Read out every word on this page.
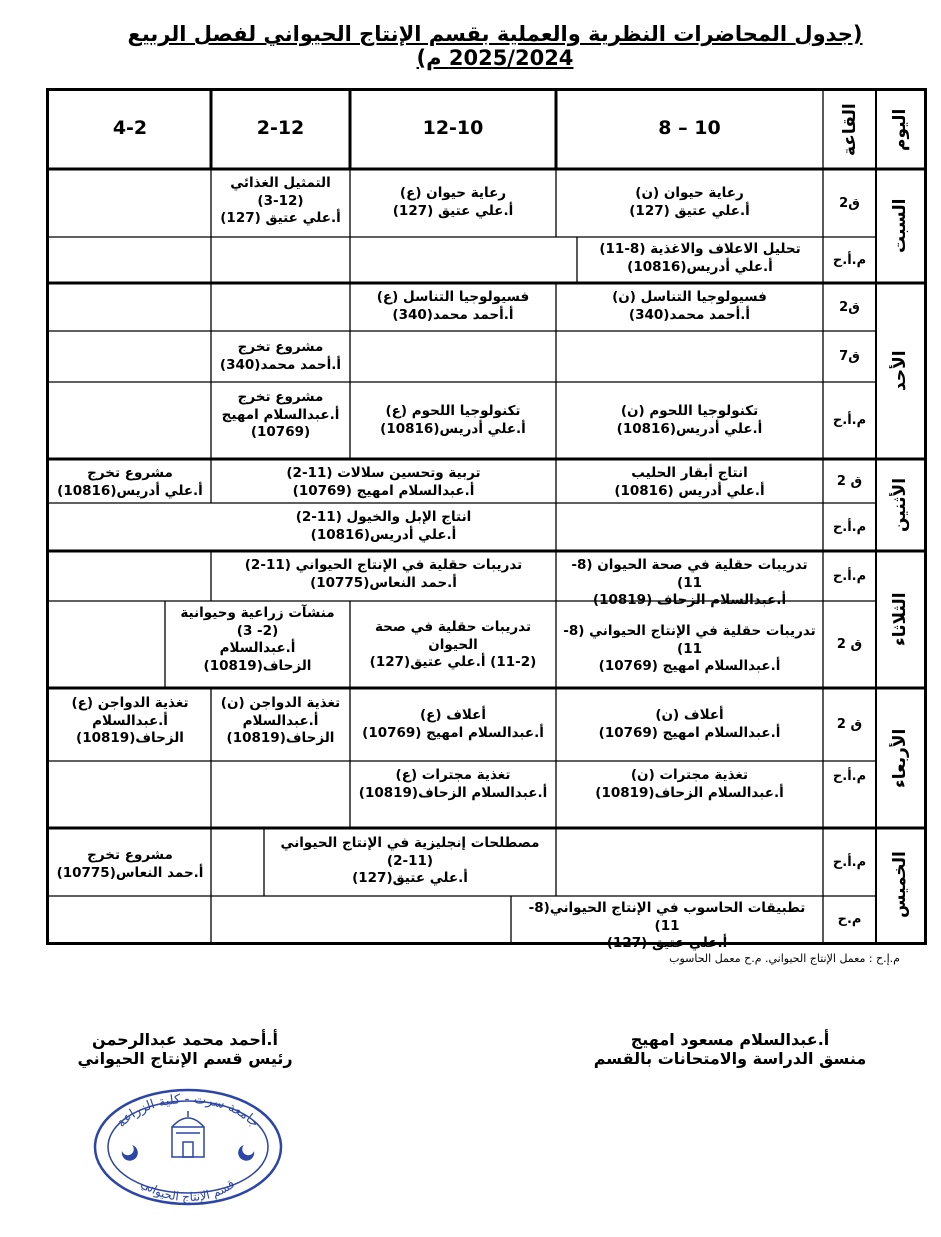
(جدول المحاضرات النظرية والعملية بقسم الإنتاج الحيواني لفصل الربيع 2025/2024 م)
اليوم
القاعة
10 – 8
12-10
2-12
4-2
السبت
الأحد
الأثنين
الثلاثاء
الأربعاء
الخميس
ق2
م.أ.ح
ق2
ق7
م.أ.ح
ق 2
م.أ.ح
م.أ.ح
ق 2
ق 2
م.أ.ح
م.أ.ح
م.ح
رعاية حيوان (ن)
أ.علي عتيق (127)
رعاية حيوان (ع)
أ.علي عتيق (127)
التمثيل الغذائي
(3-12)
أ.علي عتيق (127)
تحليل الاعلاف والاغذية (8-11)
أ.علي أدريس(10816)
فسيولوجيا التناسل (ن)
أ.أحمد محمد(340)
فسيولوجيا التناسل (ع)
أ.أحمد محمد(340)
مشروع تخرج
أ.أحمد محمد(340)
تكنولوجيا اللحوم (ن)
أ.علي أدريس(10816)
تكنولوجيا اللحوم (ع)
أ.علي أدريس(10816)
مشروع تخرج
أ.عبدالسلام امهيج
(10769)
انتاج أبقار الحليب
أ.علي أدريس (10816)
تربية وتحسين سلالات (11-2)
أ.عبدالسلام امهيج (10769)
مشروع تخرج
أ.علي أدريس(10816)
انتاج الإبل والخيول (11-2)
أ.علي أدريس(10816)
تدريبات حقلية في صحة الحيوان (8-11)
أ.عبدالسلام الزحاف (10819)
تدريبات حقلية في الإنتاج الحيواني (11-2)
أ.حمد النعاس(10775)
تدريبات حقلية في الإنتاج الحيواني (8-11)
أ.عبدالسلام امهيج (10769)
تدريبات حقلية في صحة الحيوان
(11-2) أ.علي عتيق(127)
منشآت زراعية وحيوانية
(2- 3)
أ.عبدالسلام
الزحاف(10819)
أعلاف (ن)
أ.عبدالسلام امهيج (10769)
أعلاف (ع)
أ.عبدالسلام امهيج (10769)
تغذية الدواجن (ن)
أ.عبدالسلام
الزحاف(10819)
تغذية الدواجن (ع)
أ.عبدالسلام
الزحاف(10819)
تغذية مجترات (ن)
أ.عبدالسلام الزحاف(10819)
تغذية مجترات (ع)
أ.عبدالسلام الزحاف(10819)
مصطلحات إنجليزية في الإنتاج الحيواني
(2-11)
أ.علي عتيق(127)
مشروع تخرج
أ.حمد النعاس(10775)
تطبيقات الحاسوب في الإنتاج الحيواني(8-11)
أ.علي عتيق (127)
م.إ.ح : معمل الإنتاج الحيواني. م.ح معمل الحاسوب
أ.أحمد محمد عبدالرحمن
رئيس قسم الإنتاج الحيواني
أ.عبدالسلام مسعود امهيج
منسق الدراسة والامتحانات بالقسم
جامعة سرت - كلية الزراعة
قسم الإنتاج الحيواني
